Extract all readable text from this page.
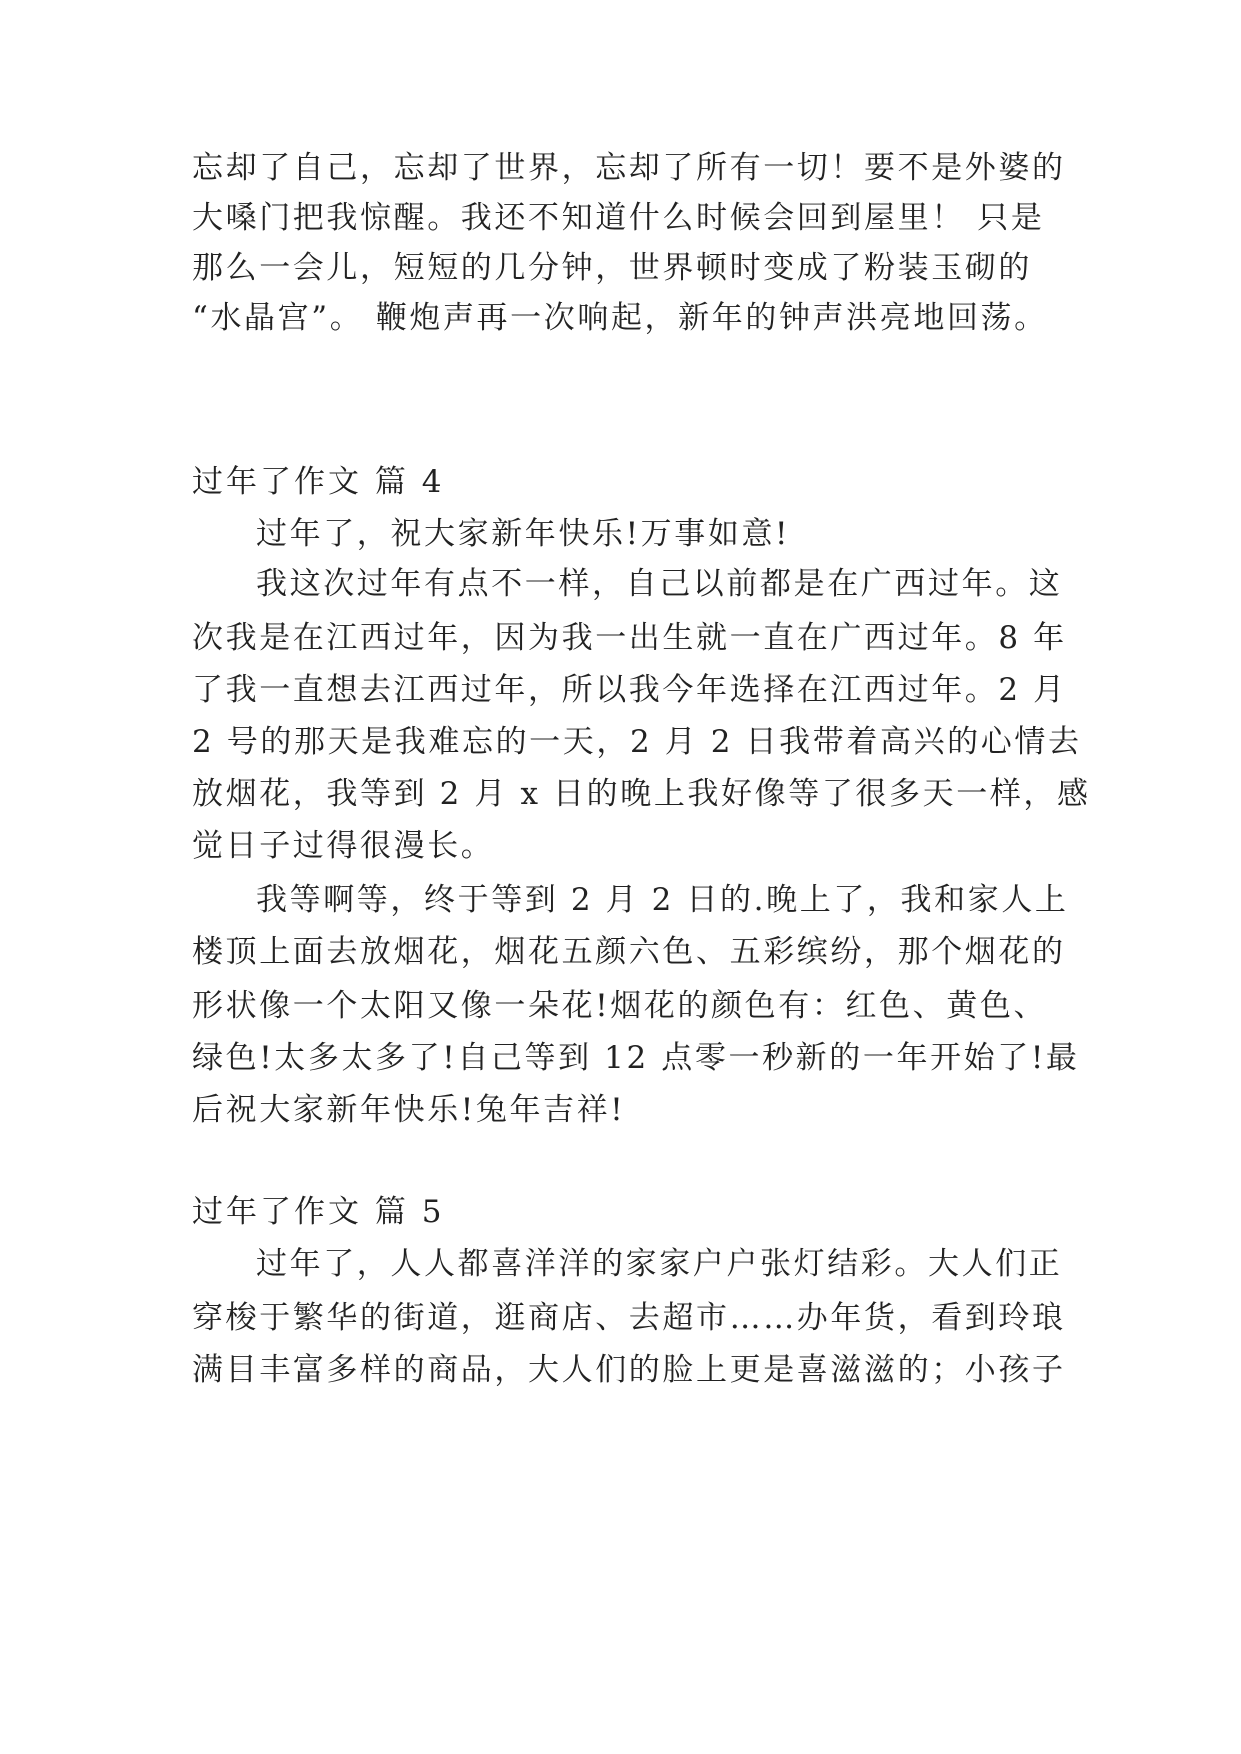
忘却了自己，忘却了世界，忘却了所有一切！要不是外婆的
大嗓门把我惊醒。我还不知道什么时候会回到屋里！ 只是
那么一会儿，短短的几分钟，世界顿时变成了粉装玉砌的
“水晶宫”。 鞭炮声再一次响起，新年的钟声洪亮地回荡。
过年了作文 篇 4
过年了，祝大家新年快乐!万事如意!
我这次过年有点不一样，自己以前都是在广西过年。这
次我是在江西过年，因为我一出生就一直在广西过年。8 年
了我一直想去江西过年，所以我今年选择在江西过年。2 月
2 号的那天是我难忘的一天，2 月 2 日我带着高兴的心情去
放烟花，我等到 2 月 x 日的晚上我好像等了很多天一样，感
觉日子过得很漫长。
我等啊等，终于等到 2 月 2 日的.晚上了，我和家人上
楼顶上面去放烟花，烟花五颜六色、五彩缤纷，那个烟花的
形状像一个太阳又像一朵花!烟花的颜色有：红色、黄色、
绿色!太多太多了!自己等到 12 点零一秒新的一年开始了!最
后祝大家新年快乐!兔年吉祥!
过年了作文 篇 5
过年了，人人都喜洋洋的家家户户张灯结彩。大人们正
穿梭于繁华的街道，逛商店、去超市……办年货，看到玲琅
满目丰富多样的商品，大人们的脸上更是喜滋滋的；小孩子
